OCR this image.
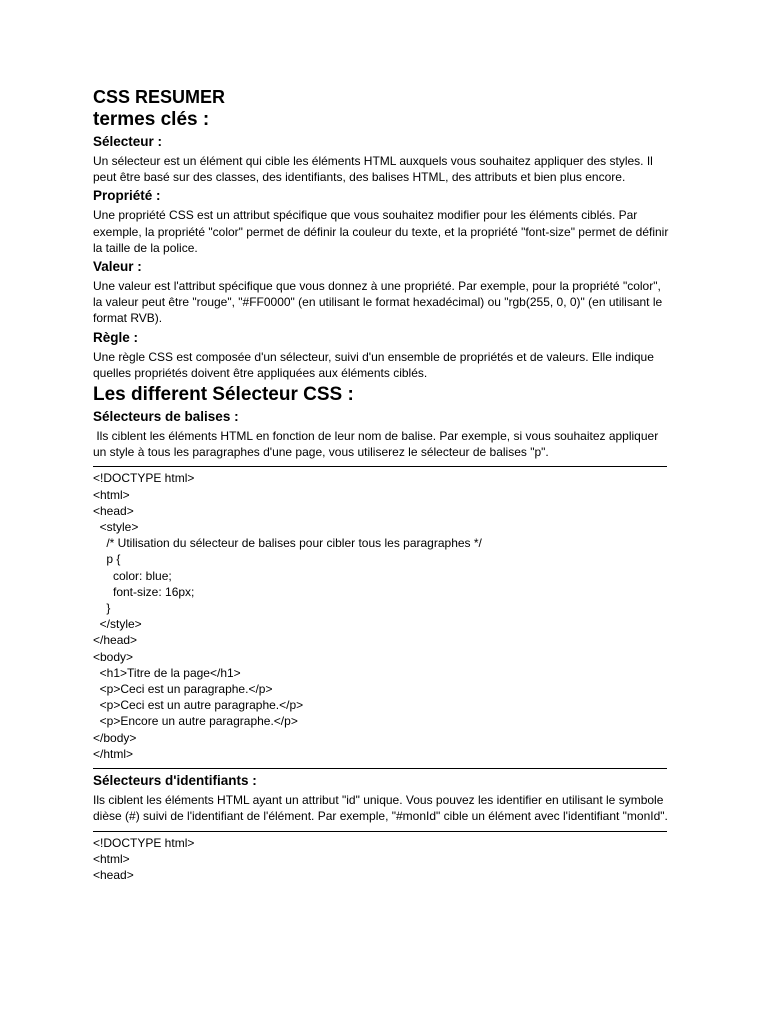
CSS RESUMER
termes clés :
Sélecteur :

Un sélecteur est un élément qui cible les éléments HTML auxquels vous souhaitez appliquer des styles. Il peut être basé sur des classes, des identifiants, des balises HTML, des attributs et bien plus encore.

Propriété :

Une propriété CSS est un attribut spécifique que vous souhaitez modifier pour les éléments ciblés. Par exemple, la propriété "color" permet de définir la couleur du texte, et la propriété "font-size" permet de définir la taille de la police.

Valeur :

Une valeur est l'attribut spécifique que vous donnez à une propriété. Par exemple, pour la propriété "color", la valeur peut être "rouge", "#FF0000" (en utilisant le format hexadécimal) ou "rgb(255, 0, 0)" (en utilisant le format RVB).

Règle :

Une règle CSS est composée d'un sélecteur, suivi d'un ensemble de propriétés et de valeurs. Elle indique quelles propriétés doivent être appliquées aux éléments ciblés.

Les different Sélecteur CSS :
Sélecteurs de balises :

Ils ciblent les éléments HTML en fonction de leur nom de balise. Par exemple, si vous souhaitez appliquer un style à tous les paragraphes d'une page, vous utiliserez le sélecteur de balises "p".

<!DOCTYPE html>
<html>
<head>
<style>
/* Utilisation du sélecteur de balises pour cibler tous les paragraphes */
p {
color: blue;
font-size: 16px;
}
</style>
</head>
<body>
<h1>Titre de la page</h1>
<p>Ceci est un paragraphe.</p>
<p>Ceci est un autre paragraphe.</p>
<p>Encore un autre paragraphe.</p>
</body>
</html>
Sélecteurs d'identifiants :

Ils ciblent les éléments HTML ayant un attribut "id" unique. Vous pouvez les identifier en utilisant le symbole dièse (#) suivi de l'identifiant de l'élément. Par exemple, "#monId" cible un élément avec l'identifiant "monId".

<!DOCTYPE html>
<html>
<head>
